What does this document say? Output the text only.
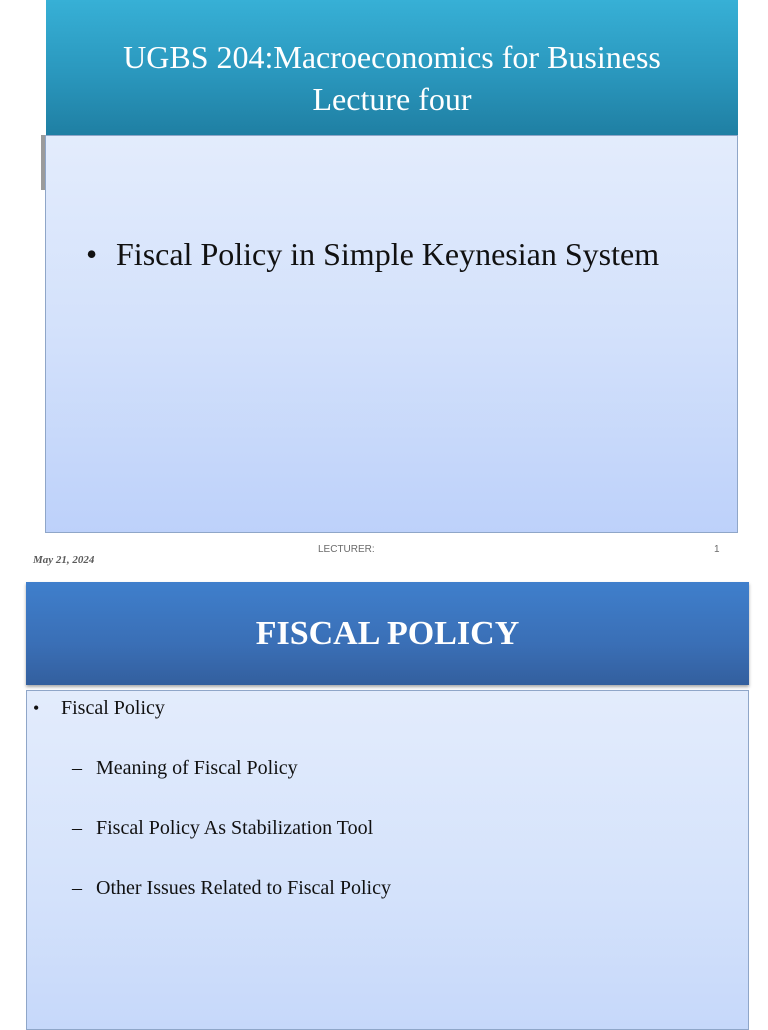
UGBS 204:Macroeconomics for Business
Lecture four
• Fiscal Policy in Simple Keynesian System
May 21, 2024
LECTURER:	1
FISCAL POLICY
• Fiscal Policy
– Meaning of Fiscal Policy
– Fiscal Policy As Stabilization Tool
– Other Issues Related to Fiscal Policy
